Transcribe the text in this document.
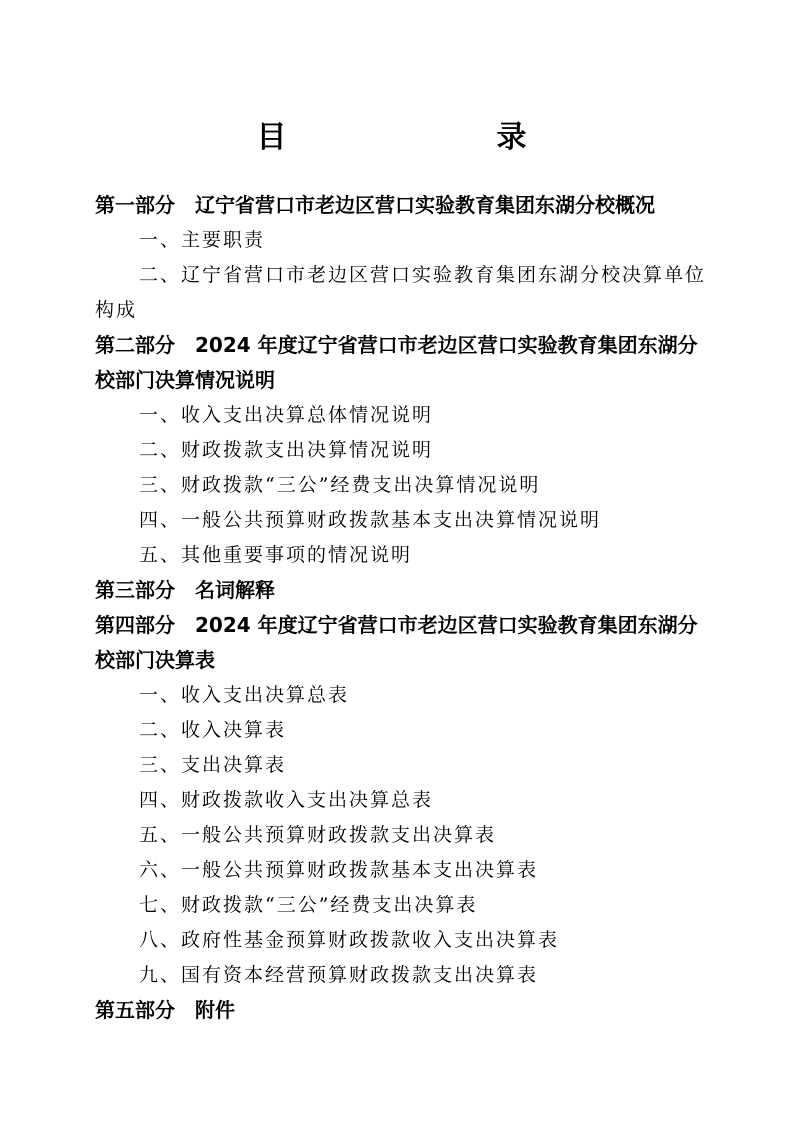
目　　录

第一部分 辽宁省营口市老边区营口实验教育集团东湖分校概况

一、主要职责

二、辽宁省营口市老边区营口实验教育集团东湖分校决算单位构成

第二部分 2024 年度辽宁省营口市老边区营口实验教育集团东湖分校部门决算情况说明

一、收入支出决算总体情况说明

二、财政拨款支出决算情况说明

三、财政拨款“三公”经费支出决算情况说明

四、一般公共预算财政拨款基本支出决算情况说明

五、其他重要事项的情况说明

第三部分 名词解释

第四部分 2024 年度辽宁省营口市老边区营口实验教育集团东湖分校部门决算表

一、收入支出决算总表

二、收入决算表

三、支出决算表

四、财政拨款收入支出决算总表

五、一般公共预算财政拨款支出决算表

六、一般公共预算财政拨款基本支出决算表

七、财政拨款“三公”经费支出决算表

八、政府性基金预算财政拨款收入支出决算表

九、国有资本经营预算财政拨款支出决算表

第五部分 附件
